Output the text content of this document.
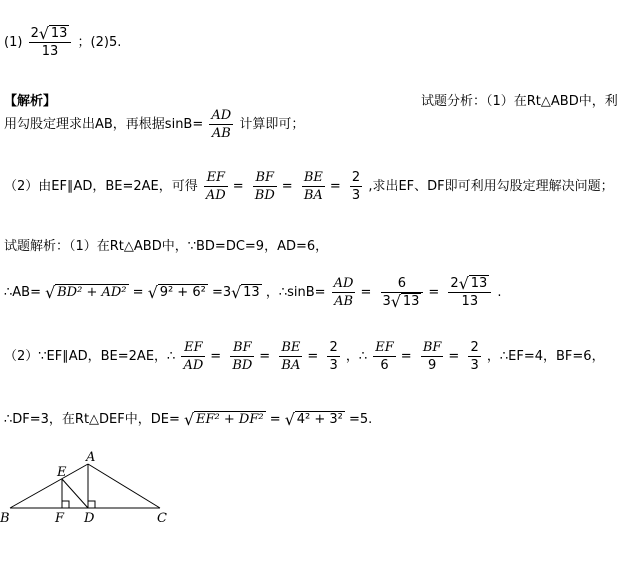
$(1) \frac{2 √ 13}{13}$ ；(2)5.
【解析】	试题分析：（1）在Rt△ABD中，利
用勾股定理求出AB，再根据$\sin B= \frac{AD}{AB}$ 计算即可；
（2）由EF∥AD，BE=2AE，可得 $\frac{EF}{AD} = \frac{BF}{BD} = \frac{BE}{BA} = \frac{2}{3}$ ,求出EF、DF即可利用勾股定理解决问题；
试题解析：（1）在Rt△ABD中，∵BD=DC=9，AD=6，
∴AB= √ BD² + AD² = √ 9² + 6² =3 √ 13 ，∴sinB= $\frac{AD}{AB} = \frac{6}{3 √ 13} = \frac{2 √ 13}{13}$ .
（2）∵EF∥AD，BE=2AE，∴ $\frac{EF}{AD} = \frac{BF}{BD} = \frac{BE}{BA} = \frac{2}{3}$ ，∴ $\frac{EF}{6} = \frac{BF}{9} = \frac{2}{3}$ ，∴EF=4，BF=6，
∴DF=3，在Rt△DEF中，DE= √ EF² + DF² = √ 4² + 3² =5.
A
E
B	F D	C
